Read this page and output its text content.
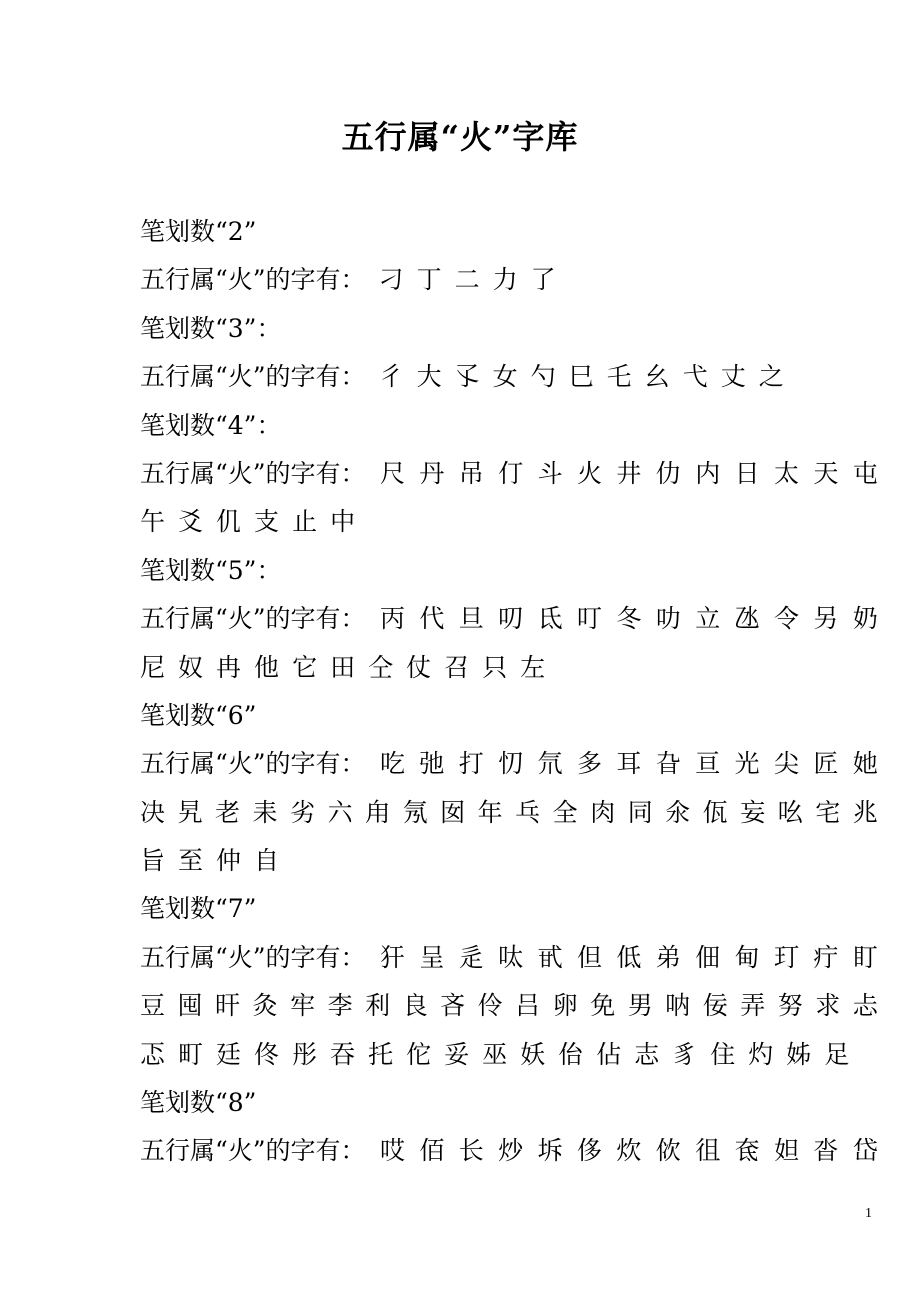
五行属“火”字库
笔划数“2”
五行属“火”的字有： 刁 丁 二 力 了
笔划数“3”：
五行属“火”的字有： 彳 大 孓 女 勺 巳 乇 幺 弋 丈 之
笔划数“4”：
五行属“火”的字有： 尺 丹 吊 仃 斗 火 井 仂 内 日 太 天 屯
午 爻 仉 支 止 中
笔划数“5”：
五行属“火”的字有： 丙 代 旦 叨 氐 叮 冬 叻 立 氹 令 另 奶
尼 奴 冉 他 它 田 仝 仗 召 只 左
笔划数“6”
五行属“火”的字有： 吃 弛 打 忉 氘 多 耳 旮 亘 光 尖 匠 她
决 旯 老 耒 劣 六 甪 氖 囡 年 乓 全 肉 同 氽 佤 妄 吆 宅 兆
旨 至 仲 自
笔划数“7”
五行属“火”的字有： 犴 呈 辵 呔 甙 但 低 弟 佃 甸 玎 疔 盯
豆 囤 旰 灸 牢 李 利 良 吝 伶 吕 卵 免 男 呐 佞 弄 努 求 忐
忑 町 廷 佟 彤 吞 托 佗 妥 巫 妖 佁 佔 志 豸 住 灼 姊 足
笔划数“8”
五行属“火”的字有： 哎 佰 长 炒 坼 侈 炊 佽 徂 奃 妲 沓 岱
1
